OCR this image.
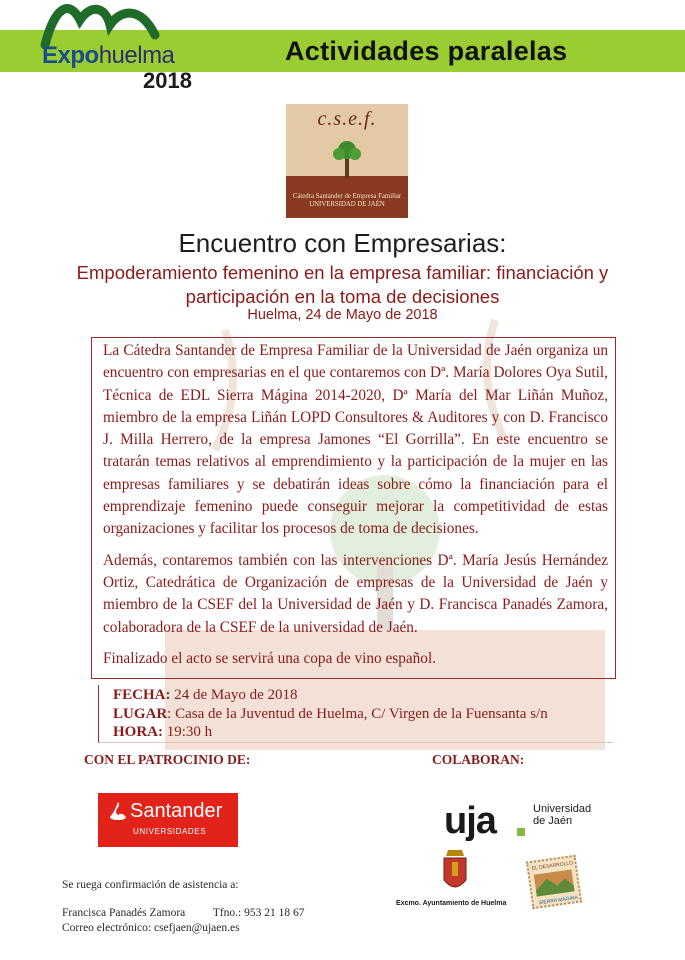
Expohuelma
2018
Actividades paralelas
c.s.e.f.
Cátedra Santander de Empresa Familiar
UNIVERSIDAD DE JAÉN
Encuentro con Empresarias:
Empoderamiento femenino en la empresa familiar: financiación y participación en la toma de decisiones
Huelma, 24 de Mayo de 2018

La Cátedra Santander de Empresa Familiar de la Universidad de Jaén organiza un encuentro con empresarias en el que contaremos con Dª. María Dolores Oya Sutil, Técnica de EDL Sierra Mágina 2014-2020, Dª María del Mar Liñán Muñoz, miembro de la empresa Liñán LOPD Consultores & Auditores y con D. Francisco J. Milla Herrero, de la empresa Jamones “El Gorrilla”. En este encuentro se tratarán temas relativos al emprendimiento y la participación de la mujer en las empresas familiares y se debatirán ideas sobre cómo la financiación para el emprendizaje femenino puede conseguir mejorar la competitividad de estas organizaciones y facilitar los procesos de toma de decisiones.

Además, contaremos también con las intervenciones Dª. María Jesús Hernández Ortiz, Catedrática de Organización de empresas de la Universidad de Jaén y miembro de la CSEF del la Universidad de Jaén y D. Francisca Panadés Zamora, colaboradora de la CSEF de la universidad de Jaén.

Finalizado el acto se servirá una copa de vino español.

FECHA: 24 de Mayo de 2018
LUGAR: Casa de la Juventud de Huelma, C/ Virgen de la Fuensanta s/n
HORA: 19:30 h
CON EL PATROCINIO DE:	COLABORAN:
Santander
UNIVERSIDADES	uja	Universidad
de Jaén
Excmo. Ayuntamiento de Huelma
EL DESARROLLO
SIERRA MÁGINA
Se ruega confirmación de asistencia a:
Francisca Panadés Zamora Tfno.: 953 21 18 67
Correo electrónico: csefjaen@ujaen.es
